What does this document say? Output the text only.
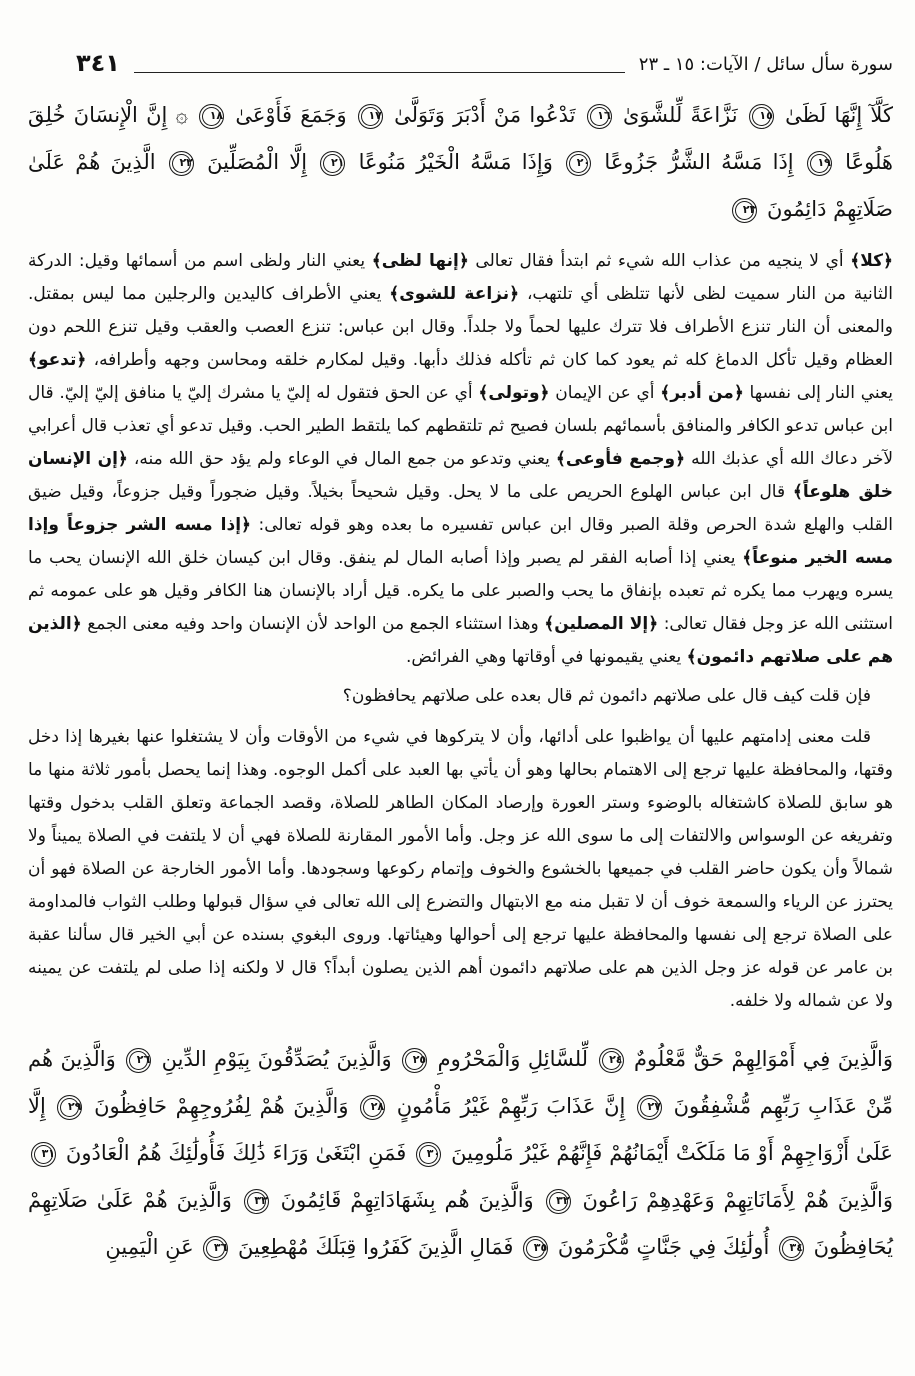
سورة سأل سائل / الآيات: ١٥ ـ ٢٣
٣٤١
كَلَّآ إِنَّهَا لَظَىٰ ١٥ نَزَّاعَةً لِّلشَّوَىٰ ١٦ تَدْعُوا مَنْ أَدْبَرَ وَتَوَلَّىٰ ١٧ وَجَمَعَ فَأَوْعَىٰ ١٨ ۞ إِنَّ الْإِنسَانَ خُلِقَ هَلُوعًا ١٩ إِذَا مَسَّهُ الشَّرُّ جَزُوعًا ٢٠ وَإِذَا مَسَّهُ الْخَيْرُ مَنُوعًا ٢١ إِلَّا الْمُصَلِّينَ ٢٢ الَّذِينَ هُمْ عَلَىٰ صَلَاتِهِمْ دَائِمُونَ ٢٣

﴿كلا﴾ أي لا ينجيه من عذاب الله شيء ثم ابتدأ فقال تعالى ﴿إنها لظى﴾ يعني النار ولظى اسم من أسمائها وقيل: الدركة الثانية من النار سميت لظى لأنها تتلظى أي تلتهب، ﴿نزاعة للشوى﴾ يعني الأطراف كاليدين والرجلين مما ليس بمقتل. والمعنى أن النار تنزع الأطراف فلا تترك عليها لحماً ولا جلداً. وقال ابن عباس: تنزع العصب والعقب وقيل تنزع اللحم دون العظام وقيل تأكل الدماغ كله ثم يعود كما كان ثم تأكله فذلك دأبها. وقيل لمكارم خلقه ومحاسن وجهه وأطرافه، ﴿تدعو﴾ يعني النار إلى نفسها ﴿من أدبر﴾ أي عن الإيمان ﴿وتولى﴾ أي عن الحق فتقول له إليّ يا مشرك إليّ يا منافق إليّ إليّ. قال ابن عباس تدعو الكافر والمنافق بأسمائهم بلسان فصيح ثم تلتقطهم كما يلتقط الطير الحب. وقيل تدعو أي تعذب قال أعرابي لآخر دعاك الله أي عذبك الله ﴿وجمع فأوعى﴾ يعني وتدعو من جمع المال في الوعاء ولم يؤد حق الله منه، ﴿إن الإنسان خلق هلوعاً﴾ قال ابن عباس الهلوع الحريص على ما لا يحل. وقيل شحيحاً بخيلاً. وقيل ضجوراً وقيل جزوعاً، وقيل ضيق القلب والهلع شدة الحرص وقلة الصبر وقال ابن عباس تفسيره ما بعده وهو قوله تعالى: ﴿إذا مسه الشر جزوعاً وإذا مسه الخير منوعاً﴾ يعني إذا أصابه الفقر لم يصبر وإذا أصابه المال لم ينفق. وقال ابن كيسان خلق الله الإنسان يحب ما يسره ويهرب مما يكره ثم تعبده بإنفاق ما يحب والصبر على ما يكره. قيل أراد بالإنسان هنا الكافر وقيل هو على عمومه ثم استثنى الله عز وجل فقال تعالى: ﴿إلا المصلين﴾ وهذا استثناء الجمع من الواحد لأن الإنسان واحد وفيه معنى الجمع ﴿الذين هم على صلاتهم دائمون﴾ يعني يقيمونها في أوقاتها وهي الفرائض.

فإن قلت كيف قال على صلاتهم دائمون ثم قال بعده على صلاتهم يحافظون؟

قلت معنى إدامتهم عليها أن يواظبوا على أدائها، وأن لا يتركوها في شيء من الأوقات وأن لا يشتغلوا عنها بغيرها إذا دخل وقتها، والمحافظة عليها ترجع إلى الاهتمام بحالها وهو أن يأتي بها العبد على أكمل الوجوه. وهذا إنما يحصل بأمور ثلاثة منها ما هو سابق للصلاة كاشتغاله بالوضوء وستر العورة وإرصاد المكان الطاهر للصلاة، وقصد الجماعة وتعلق القلب بدخول وقتها وتفريغه عن الوسواس والالتفات إلى ما سوى الله عز وجل. وأما الأمور المقارنة للصلاة فهي أن لا يلتفت في الصلاة يميناً ولا شمالاً وأن يكون حاضر القلب في جميعها بالخشوع والخوف وإتمام ركوعها وسجودها. وأما الأمور الخارجة عن الصلاة فهو أن يحترز عن الرياء والسمعة خوف أن لا تقبل منه مع الابتهال والتضرع إلى الله تعالى في سؤال قبولها وطلب الثواب فالمداومة على الصلاة ترجع إلى نفسها والمحافظة عليها ترجع إلى أحوالها وهيئاتها. وروى البغوي بسنده عن أبي الخير قال سألنا عقبة بن عامر عن قوله عز وجل الذين هم على صلاتهم دائمون أهم الذين يصلون أبداً؟ قال لا ولكنه إذا صلى لم يلتفت عن يمينه ولا عن شماله ولا خلفه.

وَالَّذِينَ فِي أَمْوَالِهِمْ حَقٌّ مَّعْلُومٌ ٢٤ لِّلسَّائِلِ وَالْمَحْرُومِ ٢٥ وَالَّذِينَ يُصَدِّقُونَ بِيَوْمِ الدِّينِ ٢٦ وَالَّذِينَ هُم مِّنْ عَذَابِ رَبِّهِم مُّشْفِقُونَ ٢٧ إِنَّ عَذَابَ رَبِّهِمْ غَيْرُ مَأْمُونٍ ٢٨ وَالَّذِينَ هُمْ لِفُرُوجِهِمْ حَافِظُونَ ٢٩ إِلَّا عَلَىٰ أَزْوَاجِهِمْ أَوْ مَا مَلَكَتْ أَيْمَانُهُمْ فَإِنَّهُمْ غَيْرُ مَلُومِينَ ٣٠ فَمَنِ ابْتَغَىٰ وَرَاءَ ذَٰلِكَ فَأُولَٰئِكَ هُمُ الْعَادُونَ ٣١ وَالَّذِينَ هُمْ لِأَمَانَاتِهِمْ وَعَهْدِهِمْ رَاعُونَ ٣٢ وَالَّذِينَ هُم بِشَهَادَاتِهِمْ قَائِمُونَ ٣٣ وَالَّذِينَ هُمْ عَلَىٰ صَلَاتِهِمْ يُحَافِظُونَ ٣٤ أُولَٰئِكَ فِي جَنَّاتٍ مُّكْرَمُونَ ٣٥ فَمَالِ الَّذِينَ كَفَرُوا قِبَلَكَ مُهْطِعِينَ ٣٦ عَنِ الْيَمِينِ
